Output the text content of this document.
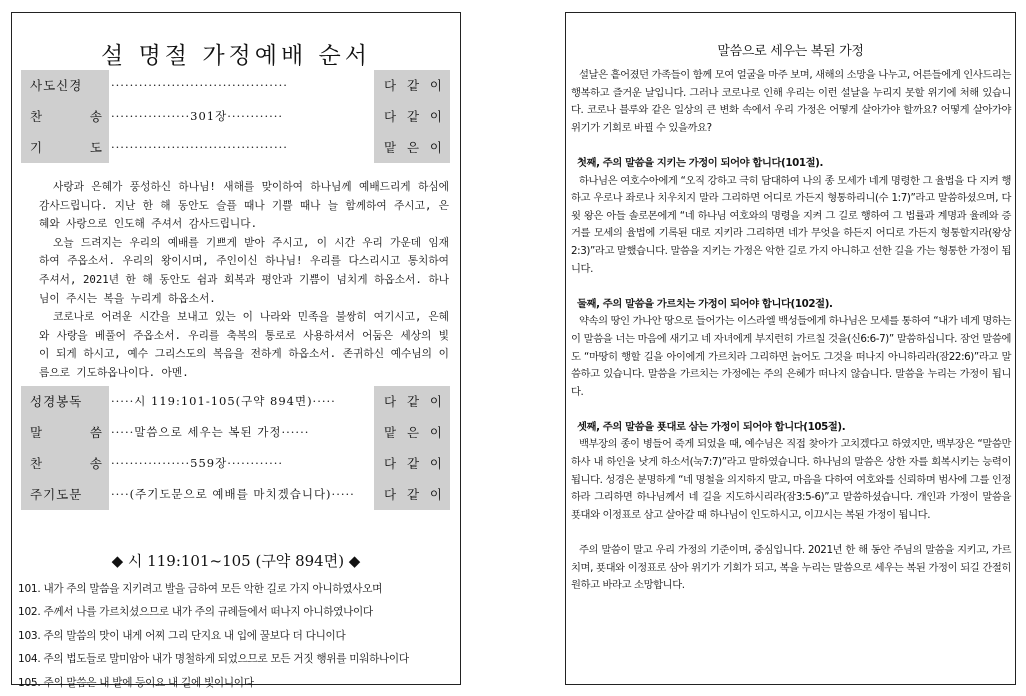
설 명절 가정예배 순서
사도신경	······································	다 같 이
찬 송 ·················301장············	다 같 이
기 도 ······································	맡 은 이

사랑과 은혜가 풍성하신 하나님! 새해를 맞이하여 하나님께 예배드리게 하심에 감사드립니다. 지난 한 해 동안도 슬플 때나 기쁠 때나 늘 함께하여 주시고, 은혜와 사랑으로 인도해 주셔서 감사드립니다.

오늘 드려지는 우리의 예배를 기쁘게 받아 주시고, 이 시간 우리 가운데 임재하여 주옵소서. 우리의 왕이시며, 주인이신 하나님! 우리를 다스리시고 통치하여 주셔서, 2021년 한 해 동안도 쉼과 회복과 평안과 기쁨이 넘치게 하옵소서. 하나님이 주시는 복을 누리게 하옵소서.

코로나로 어려운 시간을 보내고 있는 이 나라와 민족을 불쌍히 여기시고, 은혜와 사랑을 베풀어 주옵소서. 우리를 축복의 통로로 사용하셔서 어둠은 세상의 빛이 되게 하시고, 예수 그리스도의 복음을 전하게 하옵소서. 존귀하신 예수님의 이름으로 기도하옵나이다. 아멘.

성경봉독	·····시 119:101-105(구약 894면)·····	다 같 이
말 씀 ·····말씀으로 세우는 복된 가정······	맡 은 이
찬 송 ·················559장············	다 같 이
주기도문	····(주기도문으로 예배를 마치겠습니다)·····	다 같 이
◆ 시 119:101~105 (구약 894면) ◆
101. 내가 주의 말씀을 지키려고 발을 금하여 모든 악한 길로 가지 아니하였사오며
102. 주께서 나를 가르치셨으므로 내가 주의 규례들에서 떠나지 아니하였나이다
103. 주의 말씀의 맛이 내게 어찌 그리 단지요 내 입에 꿀보다 더 다니이다
104. 주의 법도들로 말미암아 내가 명철하게 되었으므로 모든 거짓 행위를 미워하나이다
105. 주의 말씀은 내 발에 등이요 내 길에 빛이니이다
말씀으로 세우는 복된 가정

설날은 흩어졌던 가족들이 함께 모여 얼굴을 마주 보며, 새해의 소망을 나누고, 어른들에게 인사드리는 행복하고 즐거운 날입니다. 그러나 코로나로 인해 우리는 이런 설날을 누리지 못할 위기에 처해 있습니다. 코로나 블루와 같은 일상의 큰 변화 속에서 우리 가정은 어떻게 살아가야 할까요? 어떻게 살아가야 위기가 기회로 바뀔 수 있을까요?

첫째, 주의 말씀을 지키는 가정이 되어야 합니다(101절).

하나님은 여호수아에게 “오직 강하고 극히 담대하여 나의 종 모세가 네게 명령한 그 율법을 다 지켜 행하고 우로나 좌로나 치우치지 말라 그리하면 어디로 가든지 형통하리니(수 1:7)”라고 말씀하셨으며, 다윗 왕은 아들 솔로몬에게 “네 하나님 여호와의 명령을 지켜 그 길로 행하여 그 법률과 계명과 율례와 증거를 모세의 율법에 기록된 대로 지키라 그리하면 네가 무엇을 하든지 어디로 가든지 형통할지라(왕상2:3)”라고 말했습니다. 말씀을 지키는 가정은 악한 길로 가지 아니하고 선한 길을 가는 형통한 가정이 됩니다.

둘째, 주의 말씀을 가르치는 가정이 되어야 합니다(102절).

약속의 땅인 가나안 땅으로 들어가는 이스라엘 백성들에게 하나님은 모세를 통하여 “내가 네게 명하는 이 말씀을 너는 마음에 새기고 네 자녀에게 부지런히 가르칠 것을(신6:6-7)” 말씀하십니다. 잠언 말씀에도 “마땅히 행할 길을 아이에게 가르치라 그리하면 늙어도 그것을 떠나지 아니하리라(잠22:6)”라고 말씀하고 있습니다. 말씀을 가르치는 가정에는 주의 은혜가 떠나지 않습니다. 말씀을 누리는 가정이 됩니다.

셋째, 주의 말씀을 푯대로 삼는 가정이 되어야 합니다(105절).

백부장의 종이 병들어 죽게 되었을 때, 예수님은 직접 찾아가 고치겠다고 하였지만, 백부장은 “말씀만 하사 내 하인을 낫게 하소서(눅7:7)”라고 말하였습니다. 하나님의 말씀은 상한 자를 회복시키는 능력이 됩니다. 성경은 분명하게 “네 명철을 의지하지 말고, 마음을 다하여 여호와를 신뢰하며 범사에 그를 인정하라 그리하면 하나님께서 네 길을 지도하시리라(잠3:5-6)”고 말씀하셨습니다. 개인과 가정이 말씀을 푯대와 이정표로 삼고 살아갈 때 하나님이 인도하시고, 이끄시는 복된 가정이 됩니다.

주의 말씀이 말고 우리 가정의 기준이며, 중심입니다. 2021년 한 해 동안 주님의 말씀을 지키고, 가르치며, 푯대와 이정표로 삼아 위기가 기회가 되고, 복을 누리는 말씀으로 세우는 복된 가정이 되길 간절히 원하고 바라고 소망합니다.
